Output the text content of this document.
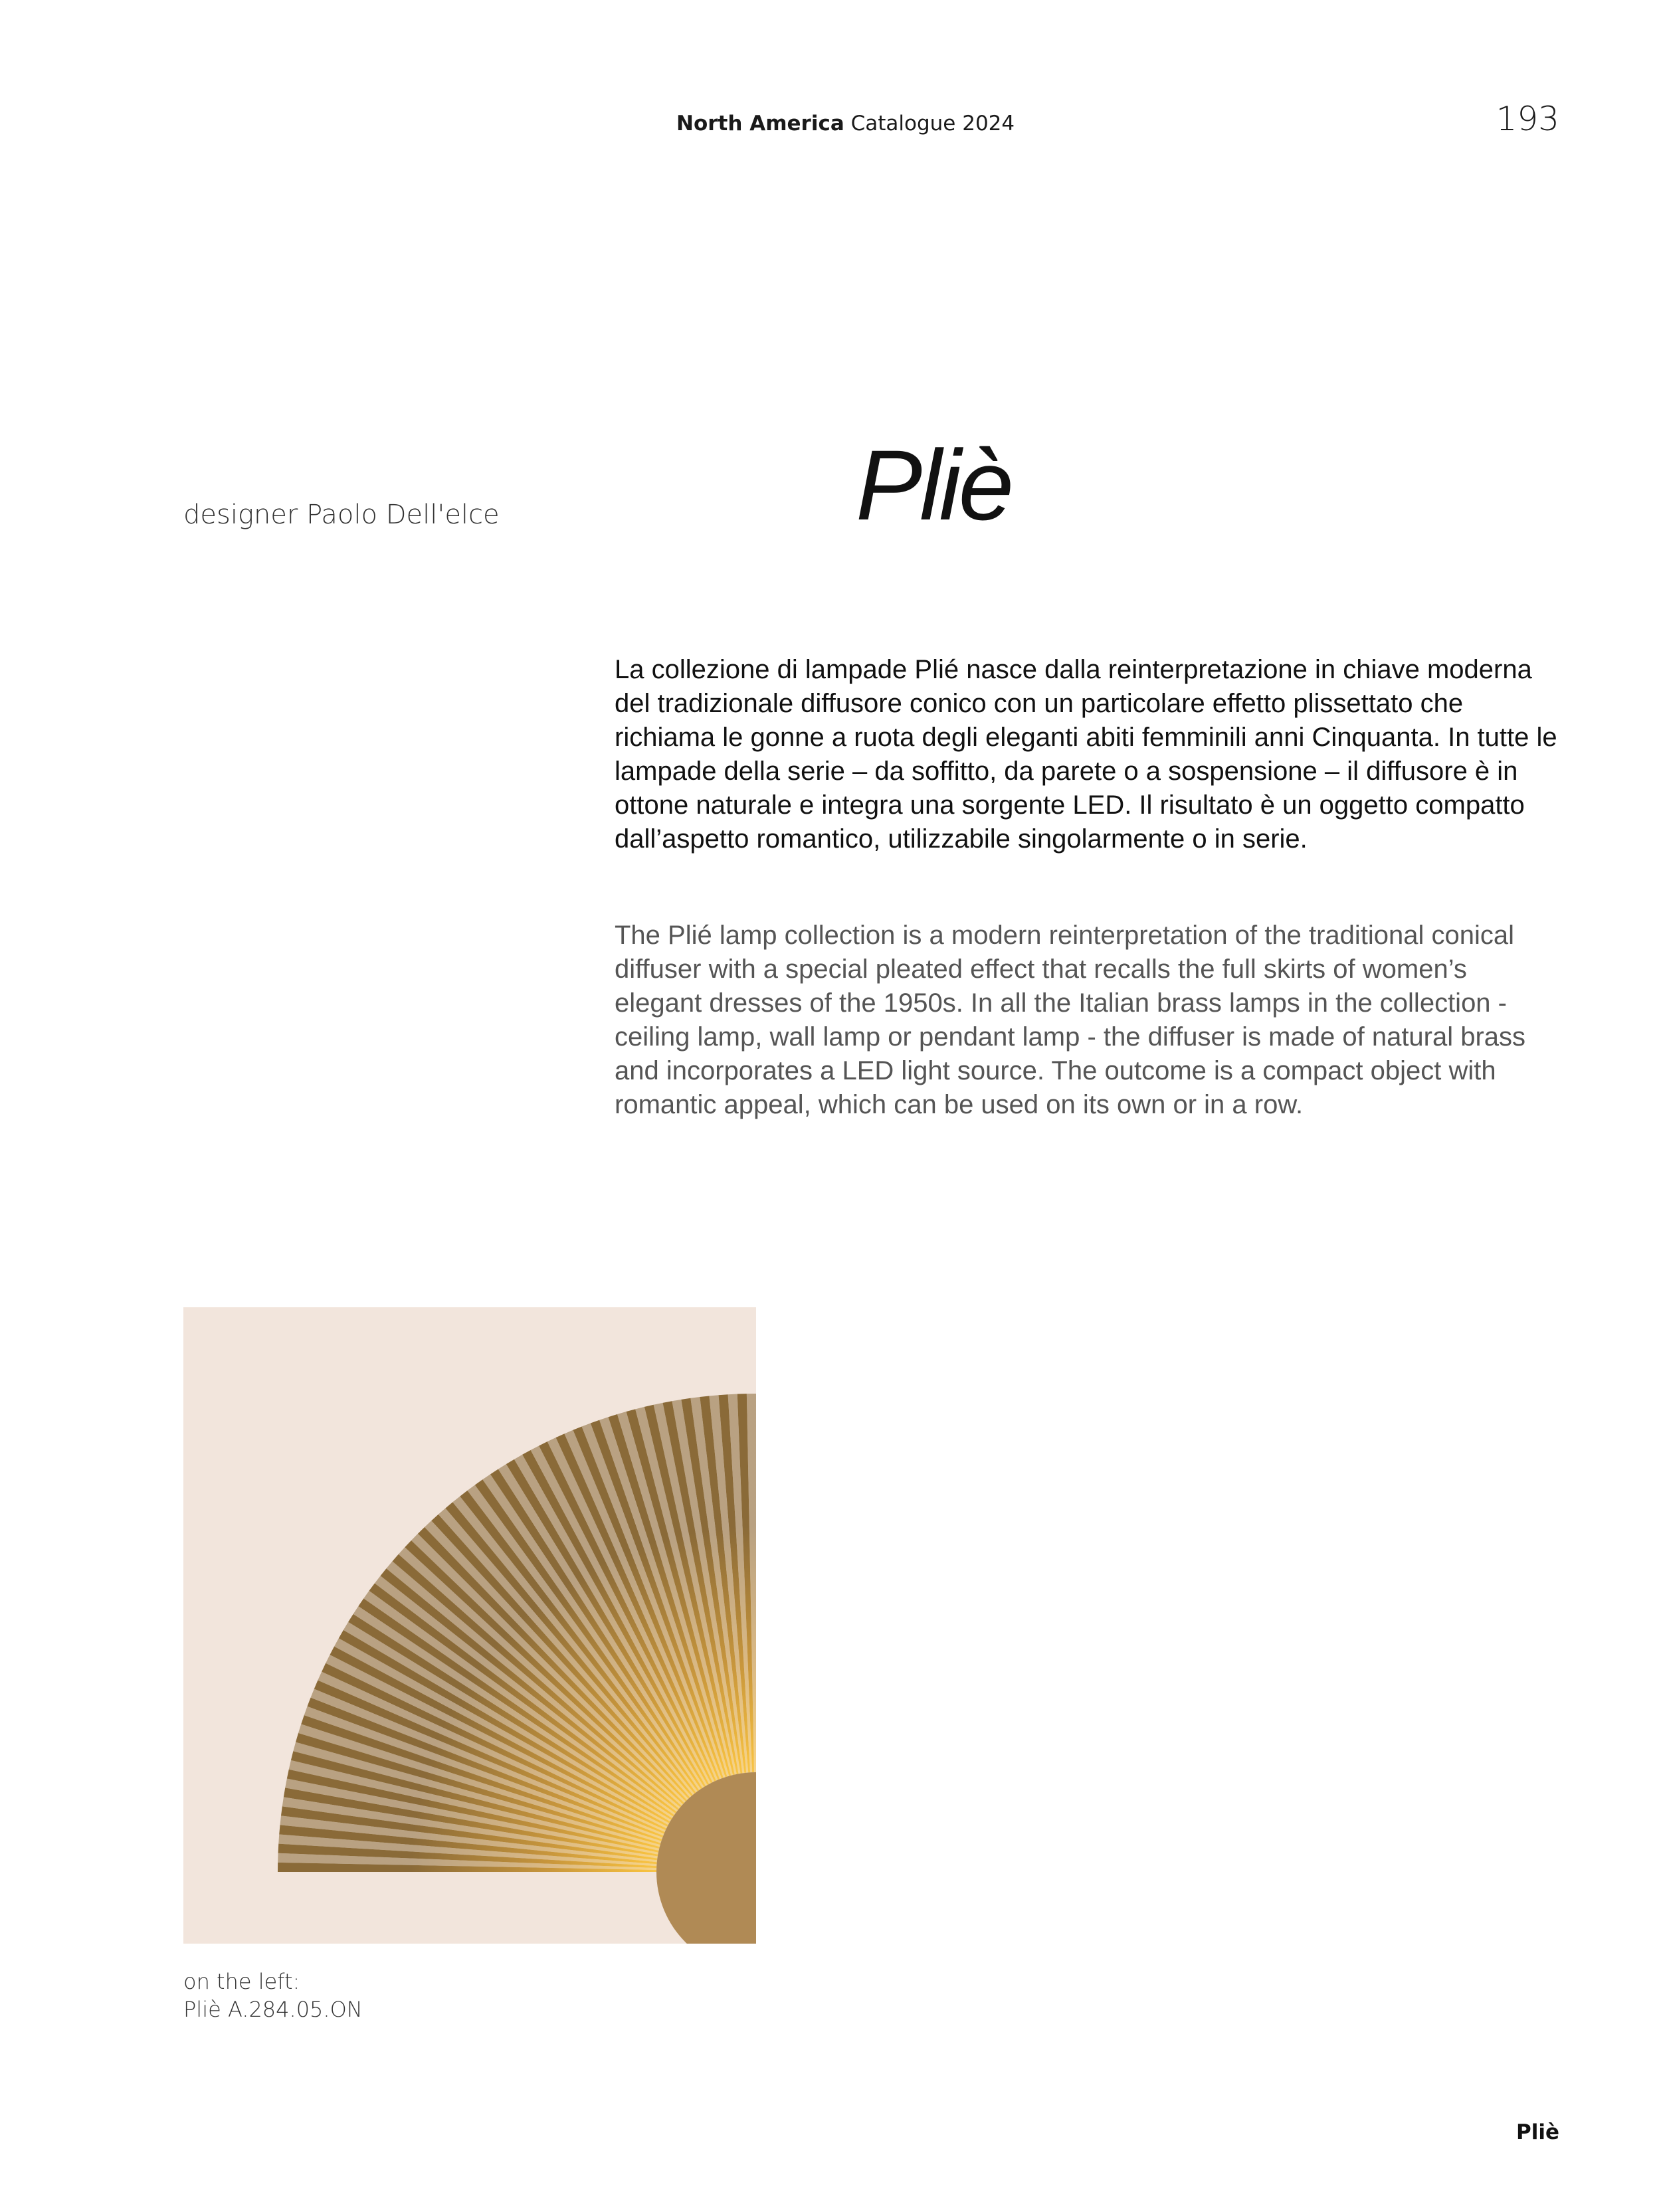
North America Catalogue 2024	193
designer Paolo Dell'elce	Pliè

La collezione di lampade Plié nasce dalla reinterpretazione in chiave moderna del tradizionale diffusore conico con un particolare effetto plissettato che richiama le gonne a ruota degli eleganti abiti femminili anni Cinquanta. In tutte le lampade della serie – da soffitto, da parete o a sospensione – il diffusore è in ottone naturale e integra una sorgente LED. Il risultato è un oggetto compatto dall’aspetto romantico, utilizzabile singolarmente o in serie.

The Plié lamp collection is a modern reinterpretation of the traditional conical diffuser with a special pleated effect that recalls the full skirts of women’s elegant dresses of the 1950s. In all the Italian brass lamps in the collection - ceiling lamp, wall lamp or pendant lamp - the diffuser is made of natural brass and incorporates a LED light source. The outcome is a compact object with romantic appeal, which can be used on its own or in a row.

on the left:
Pliè A.284.05.ON
Pliè
